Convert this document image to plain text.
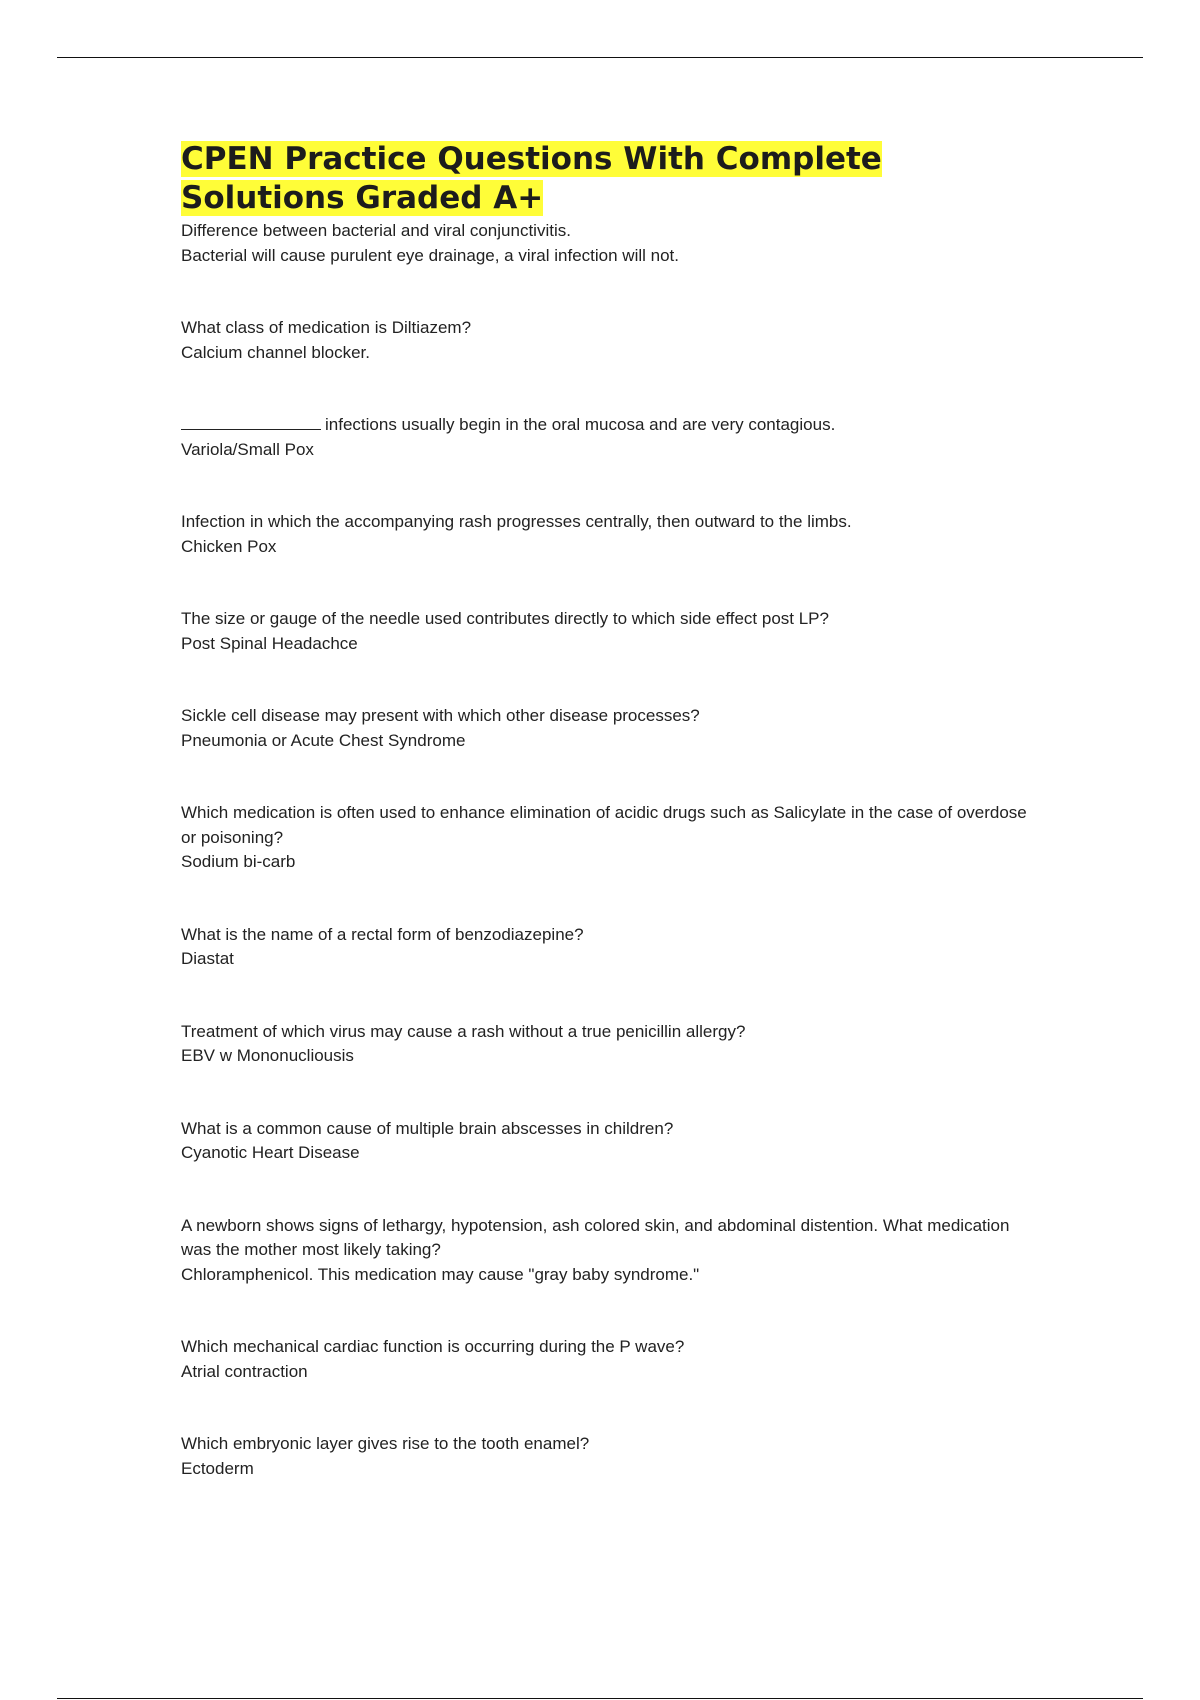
CPEN Practice Questions With Complete
Solutions Graded A+
Difference between bacterial and viral conjunctivitis.
Bacterial will cause purulent eye drainage, a viral infection will not.
What class of medication is Diltiazem?
Calcium channel blocker.
infections usually begin in the oral mucosa and are very contagious.
Variola/Small Pox
Infection in which the accompanying rash progresses centrally, then outward to the limbs.
Chicken Pox
The size or gauge of the needle used contributes directly to which side effect post LP?
Post Spinal Headachce
Sickle cell disease may present with which other disease processes?
Pneumonia or Acute Chest Syndrome
Which medication is often used to enhance elimination of acidic drugs such as Salicylate in the case of overdose or poisoning?
Sodium bi-carb
What is the name of a rectal form of benzodiazepine?
Diastat
Treatment of which virus may cause a rash without a true penicillin allergy?
EBV w Mononucliousis
What is a common cause of multiple brain abscesses in children?
Cyanotic Heart Disease
A newborn shows signs of lethargy, hypotension, ash colored skin, and abdominal distention. What medication was the mother most likely taking?
Chloramphenicol. This medication may cause "gray baby syndrome."
Which mechanical cardiac function is occurring during the P wave?
Atrial contraction
Which embryonic layer gives rise to the tooth enamel?
Ectoderm
